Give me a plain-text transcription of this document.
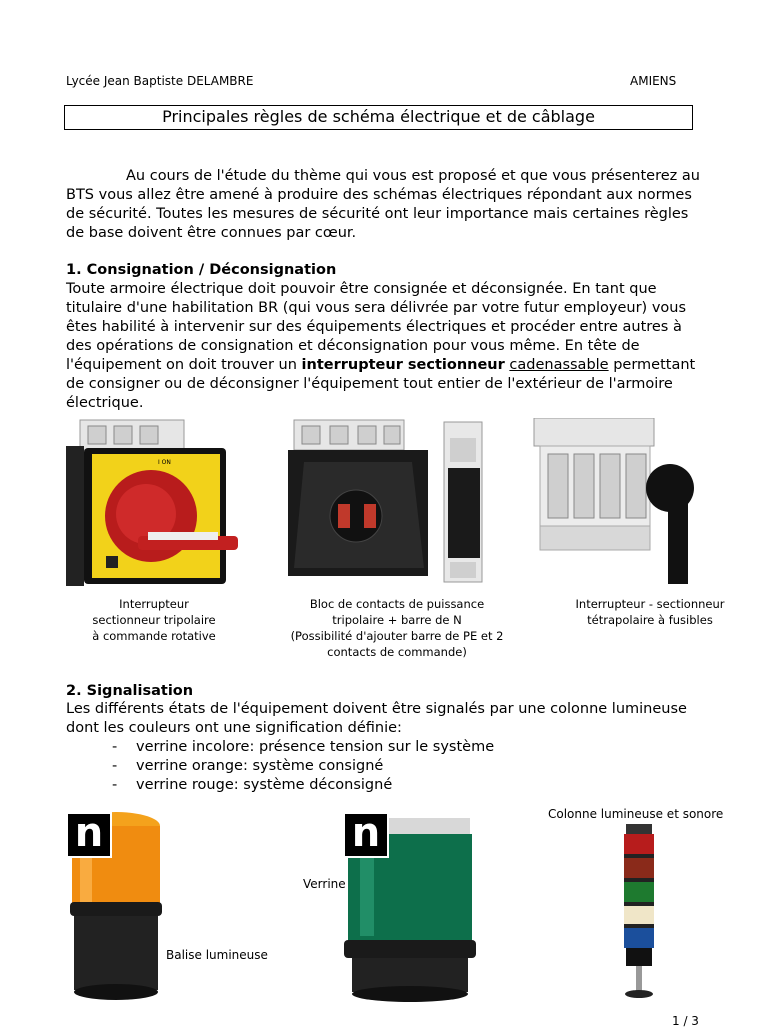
Lycée Jean Baptiste DELAMBRE	AMIENS
Principales règles de schéma électrique et de câblage
Au cours de l'étude du thème qui vous est proposé et que vous présenterez au BTS vous allez être amené à produire des schémas électriques répondant aux normes de sécurité. Toutes les mesures de sécurité ont leur importance mais certaines règles de base doivent être connues par cœur.
1. Consignation / Déconsignation
Toute armoire électrique doit pouvoir être consignée et déconsignée. En tant que titulaire d'une habilitation BR (qui vous sera délivrée par votre futur employeur) vous êtes habilité à intervenir sur des équipements électriques et procéder entre autres à des opérations de consignation et déconsignation pour vous même. En tête de l'équipement on doit trouver un interrupteur sectionneur cadenassable permettant de consigner ou de déconsigner l'équipement tout entier de l'extérieur de l'armoire électrique.
I ON
Interrupteur
sectionneur tripolaire
à commande rotative
Bloc de contacts de puissance
tripolaire + barre de N
(Possibilité d'ajouter barre de PE et 2
contacts de commande)
Interrupteur - sectionneur
tétrapolaire à fusibles
2. Signalisation
Les différents états de l'équipement doivent être signalés par une colonne lumineuse dont les couleurs ont une signification définie:
- verrine incolore: présence tension sur le système
- verrine orange: système consigné
- verrine rouge: système déconsigné
n
Balise lumineuse
Verrine
n	Colonne lumineuse et sonore
1 / 3
